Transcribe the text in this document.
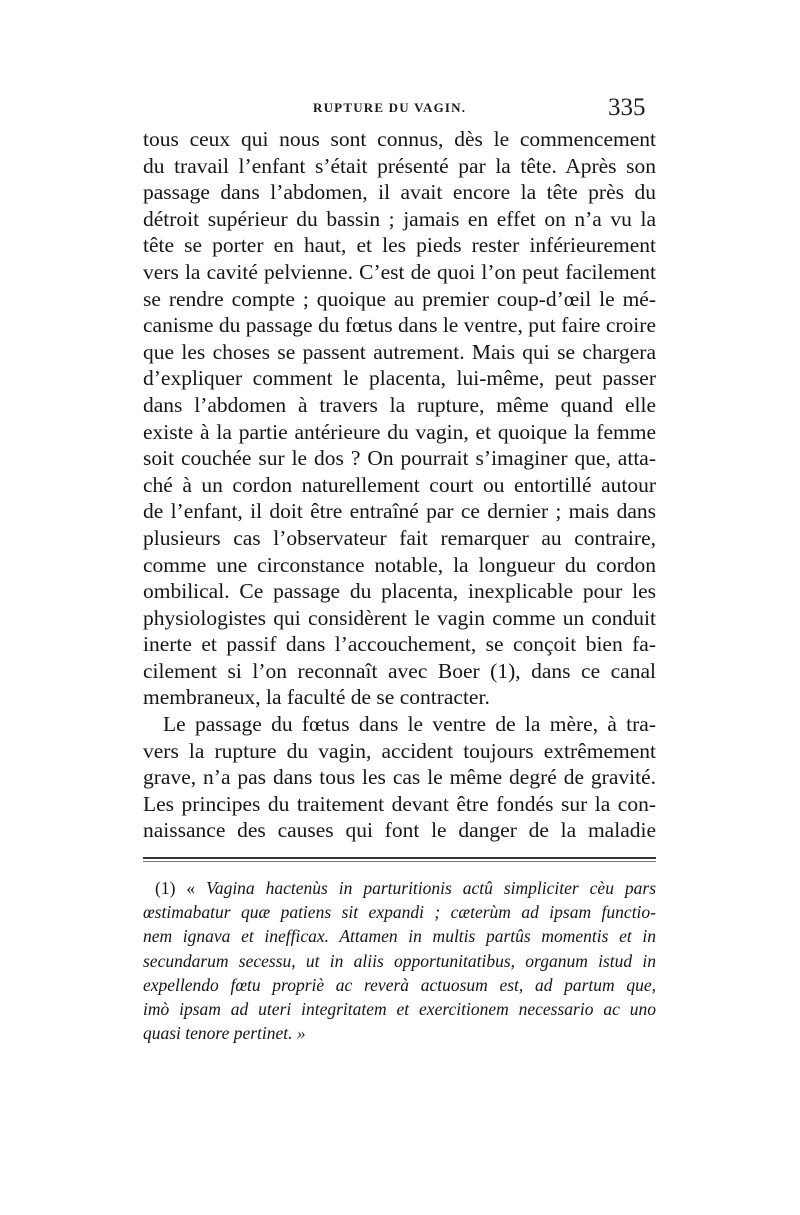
RUPTURE DU VAGIN.	335
tous ceux qui nous sont connus, dès le commencement
du travail l’enfant s’était présenté par la tête. Après son
passage dans l’abdomen, il avait encore la tête près du
détroit supérieur du bassin ; jamais en effet on n’a vu la
tête se porter en haut, et les pieds rester inférieurement
vers la cavité pelvienne. C’est de quoi l’on peut facilement
se rendre compte ; quoique au premier coup-d’œil le mé-
canisme du passage du fœtus dans le ventre, put faire croire
que les choses se passent autrement. Mais qui se chargera
d’expliquer comment le placenta, lui-même, peut passer
dans l’abdomen à travers la rupture, même quand elle
existe à la partie antérieure du vagin, et quoique la femme
soit couchée sur le dos ? On pourrait s’imaginer que, atta-
ché à un cordon naturellement court ou entortillé autour
de l’enfant, il doit être entraîné par ce dernier ; mais dans
plusieurs cas l’observateur fait remarquer au contraire,
comme une circonstance notable, la longueur du cordon
ombilical. Ce passage du placenta, inexplicable pour les
physiologistes qui considèrent le vagin comme un conduit
inerte et passif dans l’accouchement, se conçoit bien fa-
cilement si l’on reconnaît avec Boer (1), dans ce canal
membraneux, la faculté de se contracter.
Le passage du fœtus dans le ventre de la mère, à tra-
vers la rupture du vagin, accident toujours extrêmement
grave, n’a pas dans tous les cas le même degré de gravité.
Les principes du traitement devant être fondés sur la con-
naissance des causes qui font le danger de la maladie
(1) « Vagina hactenùs in parturitionis actû simpliciter cèu pars
œstimabatur quæ patiens sit expandi ; cæterùm ad ipsam functio-
nem ignava et inefficax. Attamen in multis partûs momentis et in
secundarum secessu, ut in aliis opportunitatibus, organum istud in
expellendo fœtu propriè ac reverà actuosum est, ad partum que,
imò ipsam ad uteri integritatem et exercitionem necessario ac uno
quasi tenore pertinet. »
